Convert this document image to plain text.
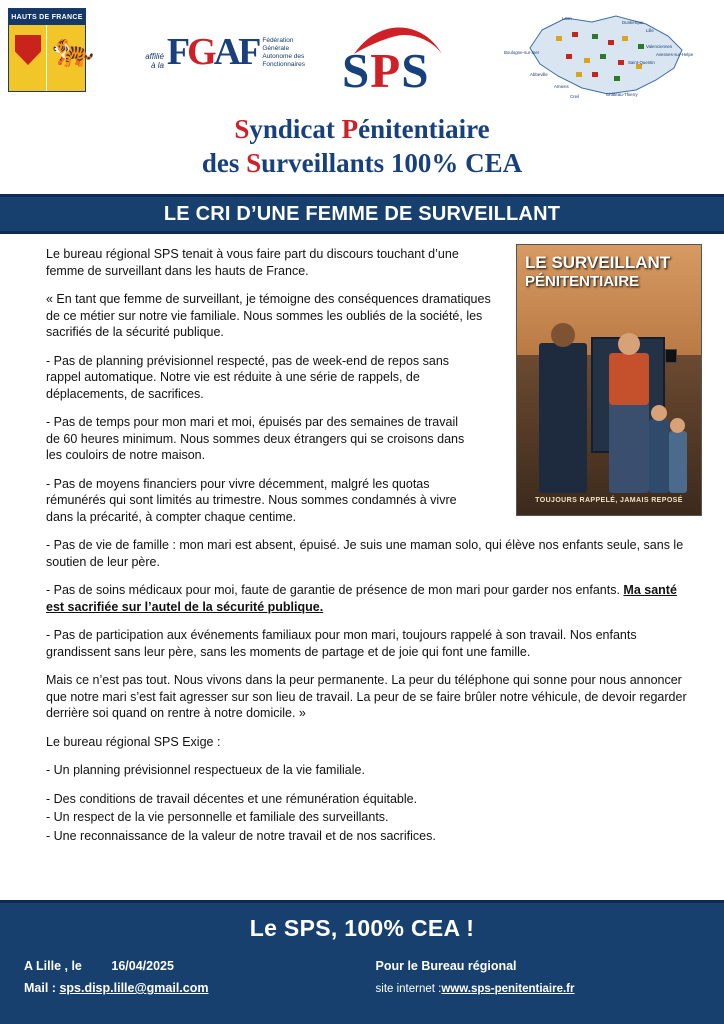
HAUTS DE FRANCE
🐅	affilié à la FGAF Fédération
Générale
Autonome des
Fonctionnaires SPS
Laon
Dunkerque
Lille
Boulogne-sur-mer
Abbeville
Amiens
Saint-Quentin
Valenciennes
Avesnes-sur-Helpe
Château-Thierry
Creil
Syndicat Pénitentiaire
des Surveillants 100% CEA
LE CRI D’UNE FEMME DE SURVEILLANT
LE SURVEILLANT
PÉNITENTIAIRE
TOUJOURS RAPPELÉ, JAMAIS REPOSÉ

Le bureau régional SPS tenait à vous faire part du discours touchant d’une femme de surveillant dans les hauts de France.

« En tant que femme de surveillant, je témoigne des conséquences dramatiques de ce métier sur notre vie familiale. Nous sommes les oubliés de la société, les sacrifiés de la sécurité publique.

- Pas de planning prévisionnel respecté, pas de week-end de repos sans rappel automatique. Notre vie est réduite à une série de rappels, de déplacements, de sacrifices.

- Pas de temps pour mon mari et moi, épuisés par des semaines de travail de 60 heures minimum. Nous sommes deux étrangers qui se croisons dans les couloirs de notre maison.

- Pas de moyens financiers pour vivre décemment, malgré les quotas rémunérés qui sont limités au trimestre. Nous sommes condamnés à vivre dans la précarité, à compter chaque centime.

- Pas de vie de famille : mon mari est absent, épuisé. Je suis une maman solo, qui élève nos enfants seule, sans le soutien de leur père.

- Pas de soins médicaux pour moi, faute de garantie de présence de mon mari pour garder nos enfants. Ma santé est sacrifiée sur l’autel de la sécurité publique.

- Pas de participation aux événements familiaux pour mon mari, toujours rappelé à son travail. Nos enfants grandissent sans leur père, sans les moments de partage et de joie qui font une famille.

Mais ce n’est pas tout. Nous vivons dans la peur permanente. La peur du téléphone qui sonne pour nous annoncer que notre mari s’est fait agresser sur son lieu de travail. La peur de se faire brûler notre véhicule, de devoir regarder derrière soi quand on rentre à notre domicile. »

Le bureau régional SPS Exige :

- Un planning prévisionnel respectueux de la vie familiale.

- Des conditions de travail décentes et une rémunération équitable.

- Un respect de la vie personnelle et familiale des surveillants.

- Une reconnaissance de la valeur de notre travail et de nos sacrifices.

Le SPS, 100% CEA !
A Lille , le 16/04/2025	Pour le Bureau régional
Mail : sps.disp.lille@gmail.com	site internet :www.sps-penitentiaire.fr
